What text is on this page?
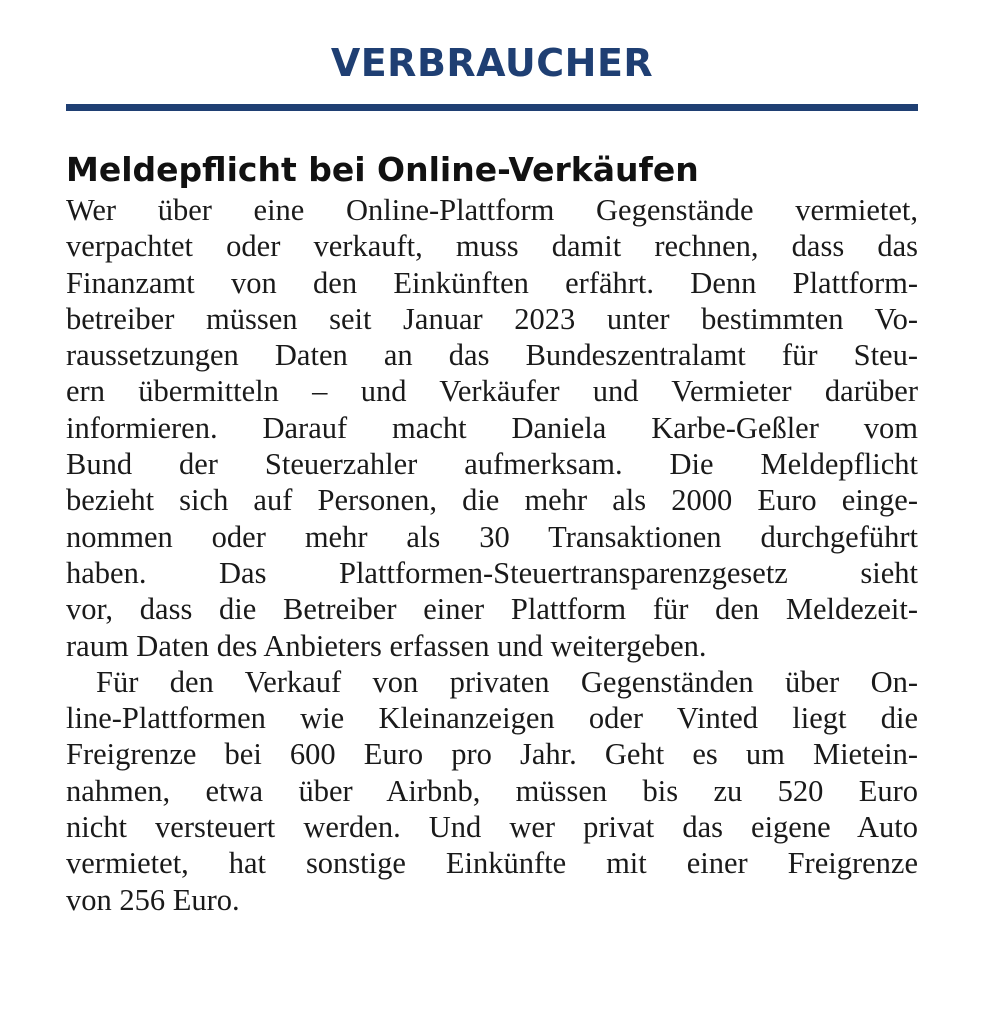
VERBRAUCHER
Meldepflicht bei Online-Verkäufen
Wer über eine Online-Plattform Gegenstände vermietet,
verpachtet oder verkauft, muss damit rechnen, dass das
Finanzamt von den Einkünften erfährt. Denn Plattform-
betreiber müssen seit Januar 2023 unter bestimmten Vo-
raussetzungen Daten an das Bundeszentralamt für Steu-
ern übermitteln – und Verkäufer und Vermieter darüber
informieren. Darauf macht Daniela Karbe-Geßler vom
Bund der Steuerzahler aufmerksam. Die Meldepflicht
bezieht sich auf Personen, die mehr als 2000 Euro einge-
nommen oder mehr als 30 Transaktionen durchgeführt
haben. Das Plattformen-Steuertransparenzgesetz sieht
vor, dass die Betreiber einer Plattform für den Meldezeit-
raum Daten des Anbieters erfassen und weitergeben.
Für den Verkauf von privaten Gegenständen über On-
line-Plattformen wie Kleinanzeigen oder Vinted liegt die
Freigrenze bei 600 Euro pro Jahr. Geht es um Mietein-
nahmen, etwa über Airbnb, müssen bis zu 520 Euro
nicht versteuert werden. Und wer privat das eigene Auto
vermietet, hat sonstige Einkünfte mit einer Freigrenze
von 256 Euro.
